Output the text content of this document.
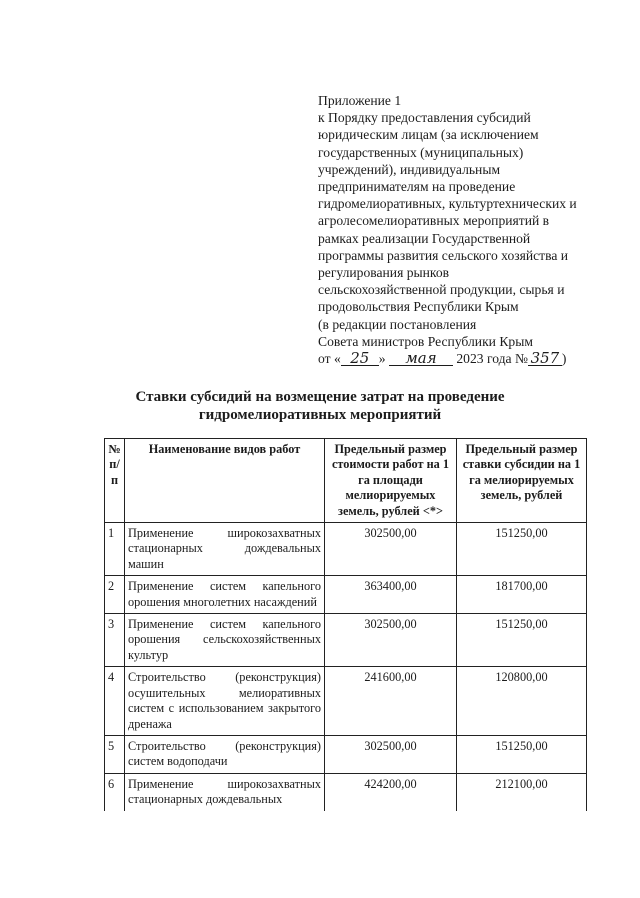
Приложение 1
к Порядку предоставления субсидий
юридическим лицам (за исключением
государственных (муниципальных)
учреждений), индивидуальным
предпринимателям на проведение
гидромелиоративных, культуртехнических и
агролесомелиоративных мероприятий в
рамках реализации Государственной
программы развития сельского хозяйства и
регулирования рынков
сельскохозяйственной продукции, сырья и
продовольствия Республики Крым
(в редакции постановления
Совета министров Республики Крым
от « 25 » мая 2023 года № 357 )
Ставки субсидий на возмещение затрат на проведение
гидромелиоративных мероприятий
№ п/п	Наименование видов работ	Предельный размер стоимости работ на 1 га площади мелиорируемых земель, рублей <*>	Предельный размер ставки субсидии на 1 га мелиорируемых земель, рублей
1	Применение широкозахватных стационарных дождевальных машин	302500,00	151250,00
2	Применение систем капельного орошения многолетних насаждений	363400,00	181700,00
3	Применение систем капельного орошения сельскохозяйственных культур	302500,00	151250,00
4	Строительство (реконструкция) осушительных мелиоративных систем с использованием закрытого дренажа	241600,00	120800,00
5	Строительство (реконструкция) систем водоподачи	302500,00	151250,00
6	Применение широкозахватных стационарных дождевальных	424200,00	212100,00
